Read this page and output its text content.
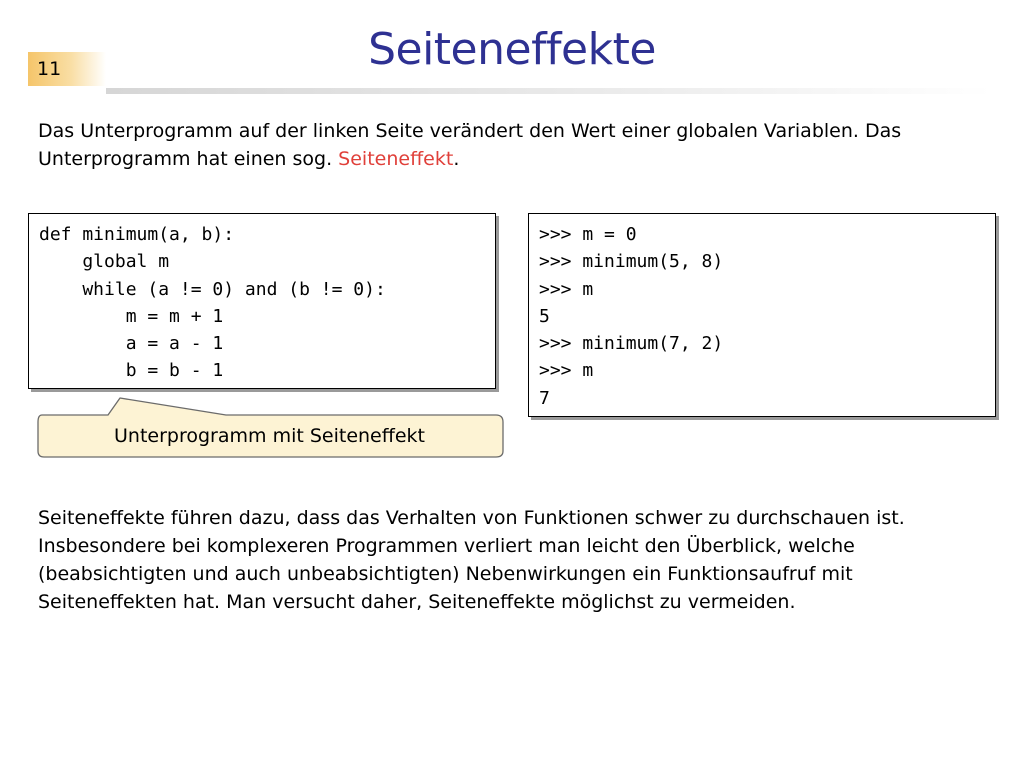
11	Seiteneffekte
Das Unterprogramm auf der linken Seite verändert den Wert einer globalen Variablen. Das
Unterprogramm hat einen sog. Seiteneffekt.
def minimum(a, b):
global m
while (a != 0) and (b != 0):
m = m + 1
a = a - 1
b = b - 1
>>> m = 0
>>> minimum(5, 8)
>>> m
5
>>> minimum(7, 2)
>>> m
7
Unterprogramm mit Seiteneffekt
Seiteneffekte führen dazu, dass das Verhalten von Funktionen schwer zu durchschauen ist.
Insbesondere bei komplexeren Programmen verliert man leicht den Überblick, welche
(beabsichtigten und auch unbeabsichtigten) Nebenwirkungen ein Funktionsaufruf mit
Seiteneffekten hat. Man versucht daher, Seiteneffekte möglichst zu vermeiden.
